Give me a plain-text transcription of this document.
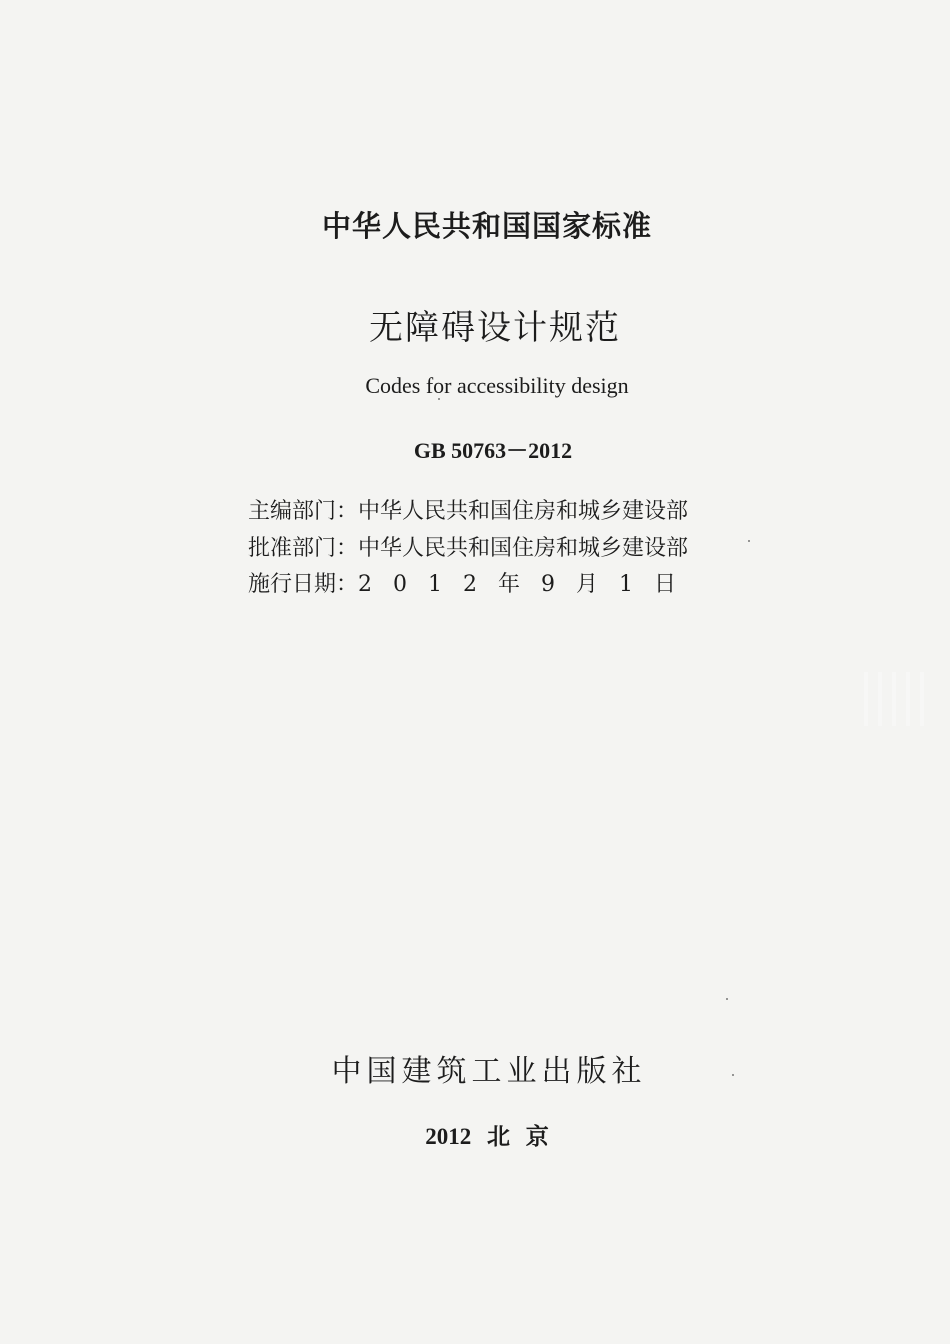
中华人民共和国国家标准
无障碍设计规范
Codes for accessibility design
GB 50763－2012
主编部门：中华人民共和国住房和城乡建设部
批准部门：中华人民共和国住房和城乡建设部
施行日期：2012年9月1日
中国建筑工业出版社
2012 北 京
